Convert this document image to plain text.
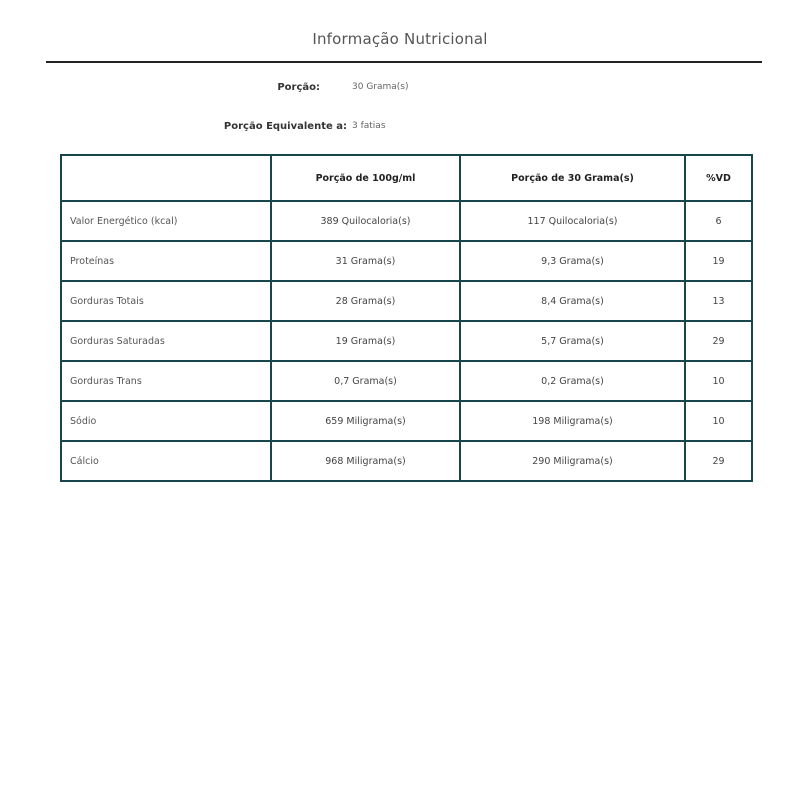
Informação Nutricional
Porção:	30 Grama(s)
Porção Equivalente a: 3 fatias
	Porção de 100g/ml	Porção de 30 Grama(s)	%VD
Valor Energético (kcal)	389 Quilocaloria(s)	117 Quilocaloria(s)	6
Proteínas	31 Grama(s)	9,3 Grama(s)	19
Gorduras Totais	28 Grama(s)	8,4 Grama(s)	13
Gorduras Saturadas	19 Grama(s)	5,7 Grama(s)	29
Gorduras Trans	0,7 Grama(s)	0,2 Grama(s)	10
Sódio	659 Miligrama(s)	198 Miligrama(s)	10
Cálcio	968 Miligrama(s)	290 Miligrama(s)	29
